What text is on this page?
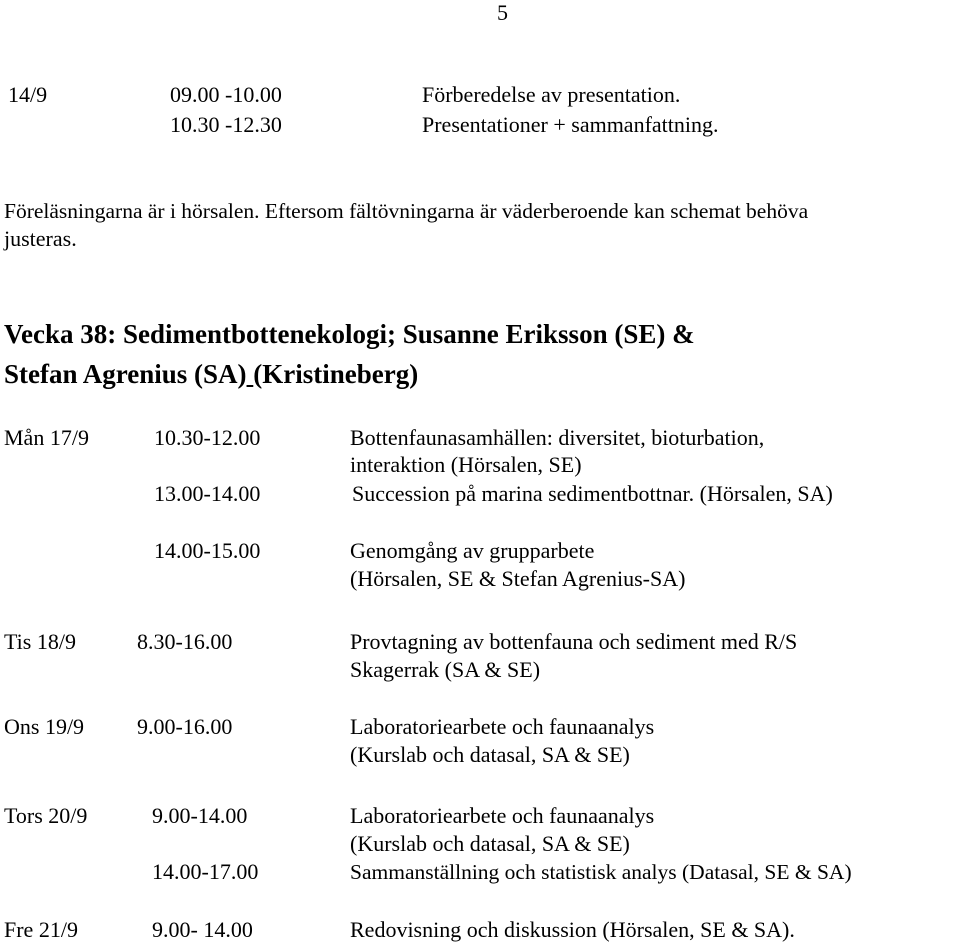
5
14/9	09.00 -10.00	Förberedelse av presentation.
10.30 -12.30	Presentationer + sammanfattning.
Föreläsningarna är i hörsalen. Eftersom fältövningarna är väderberoende kan schemat behöva
justeras.
Vecka 38: Sedimentbottenekologi; Susanne Eriksson (SE) &
Stefan Agrenius (SA) (Kristineberg)
Mån 17/9	10.30-12.00	Bottenfaunasamhällen: diversitet, bioturbation,
interaktion (Hörsalen, SE)
13.00-14.00	Succession på marina sedimentbottnar. (Hörsalen, SA)
14.00-15.00	Genomgång av grupparbete
(Hörsalen, SE & Stefan Agrenius-SA)
Tis 18/9	8.30-16.00	Provtagning av bottenfauna och sediment med R/S
Skagerrak (SA & SE)
Ons 19/9 9.00-16.00	Laboratoriearbete och faunaanalys
(Kurslab och datasal, SA & SE)
Tors 20/9	9.00-14.00	Laboratoriearbete och faunaanalys
(Kurslab och datasal, SA & SE)
14.00-17.00	Sammanställning och statistisk analys (Datasal, SE & SA)
Fre 21/9	9.00- 14.00	Redovisning och diskussion (Hörsalen, SE & SA).
